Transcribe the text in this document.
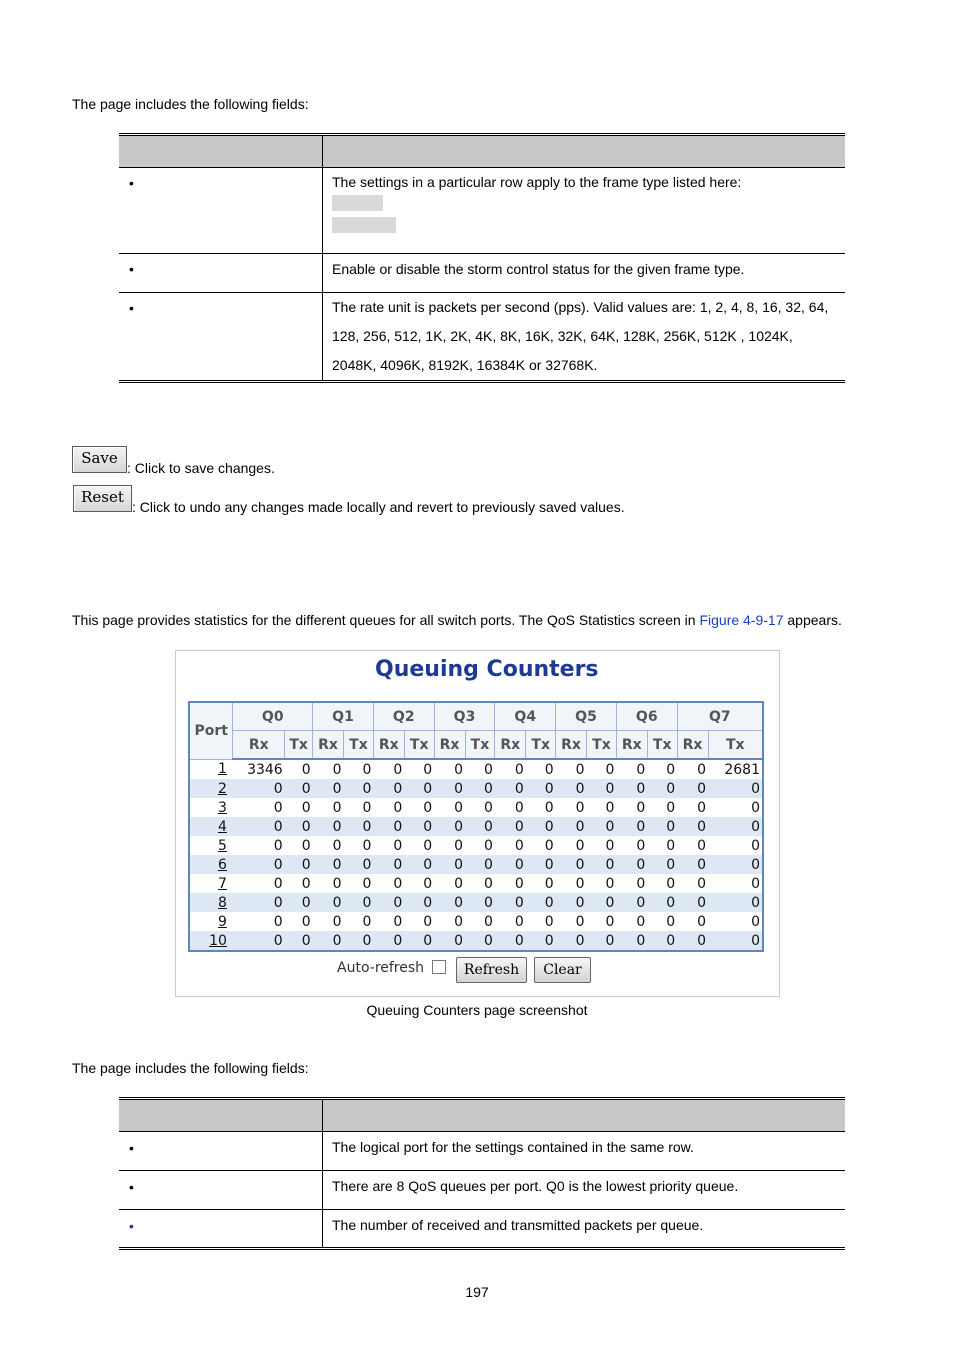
The page includes the following fields:

•	The settings in a particular row apply to the frame type listed here:

•	Enable or disable the storm control status for the given frame type.

•	The rate unit is packets per second (pps). Valid values are: 1, 2, 4, 8, 16, 32, 64,
128, 256, 512, 1K, 2K, 4K, 8K, 16K, 32K, 64K, 128K, 256K, 512K , 1024K,
2048K, 4096K, 8192K, 16384K or 32768K.
Save
: Click to save changes.
Reset
: Click to undo any changes made locally and revert to previously saved values.
This page provides statistics for the different queues for all switch ports. The QoS Statistics screen in Figure 4-9-17 appears.
Queuing Counters
Port	Q0		Q1		Q2		Q3		Q4		Q5		Q6		Q7	
	Rx	Tx	Rx	Tx	Rx	Tx	Rx	Tx	Rx	Tx	Rx	Tx	Rx	Tx	Rx	Tx
1	3346	0	0	0	0	0	0	0	0	0	0	0	0	0	0	2681
2	0	0	0	0	0	0	0	0	0	0	0	0	0	0	0	0
3	0	0	0	0	0	0	0	0	0	0	0	0	0	0	0	0
4	0	0	0	0	0	0	0	0	0	0	0	0	0	0	0	0
5	0	0	0	0	0	0	0	0	0	0	0	0	0	0	0	0
6	0	0	0	0	0	0	0	0	0	0	0	0	0	0	0	0
7	0	0	0	0	0	0	0	0	0	0	0	0	0	0	0	0
8	0	0	0	0	0	0	0	0	0	0	0	0	0	0	0	0
9	0	0	0	0	0	0	0	0	0	0	0	0	0	0	0	0
10	0	0	0	0	0	0	0	0	0	0	0	0	0	0	0	0
Auto-refresh	Refresh	Clear
Queuing Counters page screenshot
The page includes the following fields:

•	The logical port for the settings contained in the same row.

•	There are 8 QoS queues per port. Q0 is the lowest priority queue.

•	The number of received and transmitted packets per queue.
197
